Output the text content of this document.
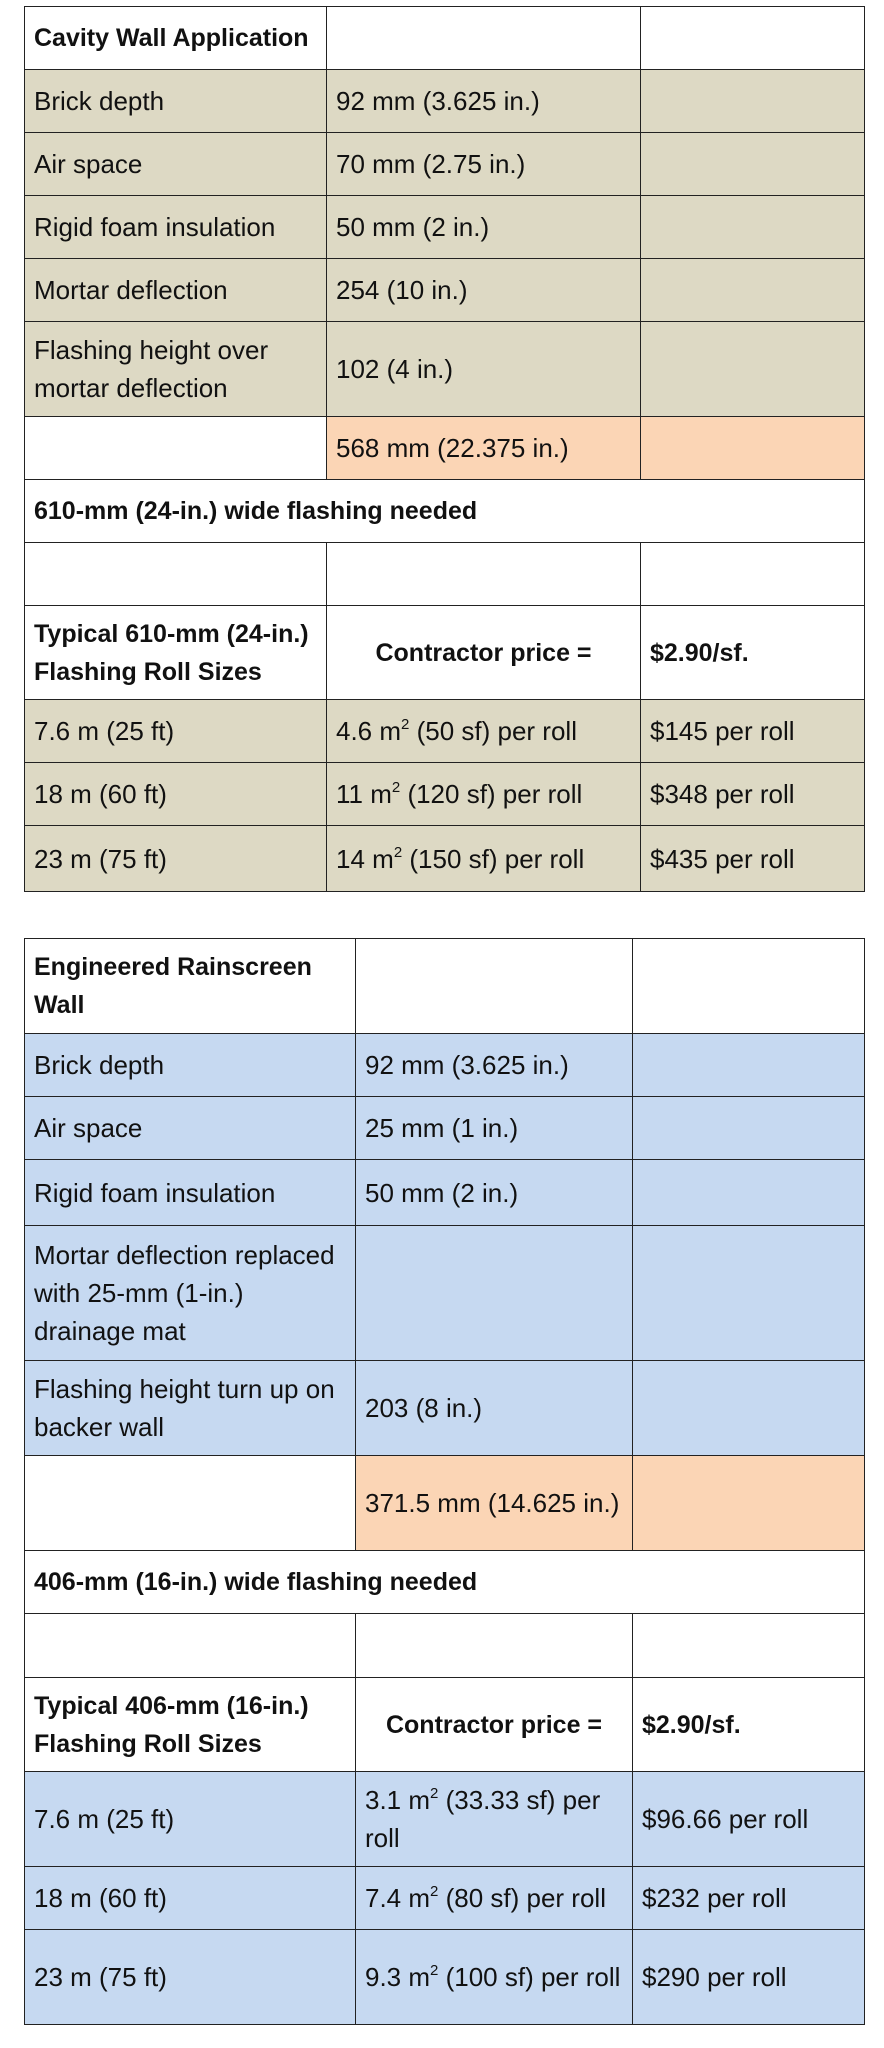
Cavity Wall Application		
Brick depth	92 mm (3.625 in.)	
Air space	70 mm (2.75 in.)	
Rigid foam insulation	50 mm (2 in.)	
Mortar deflection	254 (10 in.)	
Flashing height over mortar deflection	102 (4 in.)	
	568 mm (22.375 in.)	
610-mm (24-in.) wide flashing needed		

Typical 610-mm (24-in.) Flashing Roll Sizes	Contractor price =	$2.90/sf.
7.6 m (25 ft)	4.6 $m^2$ (50 sf) per roll	$145 per roll
18 m (60 ft)	11 $m^2$ (120 sf) per roll	$348 per roll
23 m (75 ft)	14 $m^2$ (150 sf) per roll	$435 per roll
Engineered Rainscreen Wall		
Brick depth	92 mm (3.625 in.)	
Air space	25 mm (1 in.)	
Rigid foam insulation	50 mm (2 in.)	
Mortar deflection replaced with 25-mm (1-in.) drainage mat		
Flashing height turn up on backer wall	203 (8 in.)	
	371.5 mm (14.625 in.)	
406-mm (16-in.) wide flashing needed		

Typical 406-mm (16-in.) Flashing Roll Sizes	Contractor price =	$2.90/sf.
7.6 m (25 ft)	3.1 $m^2$ (33.33 sf) per roll	$96.66 per roll
18 m (60 ft)	7.4 $m^2$ (80 sf) per roll	$232 per roll
23 m (75 ft)	9.3 $m^2$ (100 sf) per roll	$290 per roll
